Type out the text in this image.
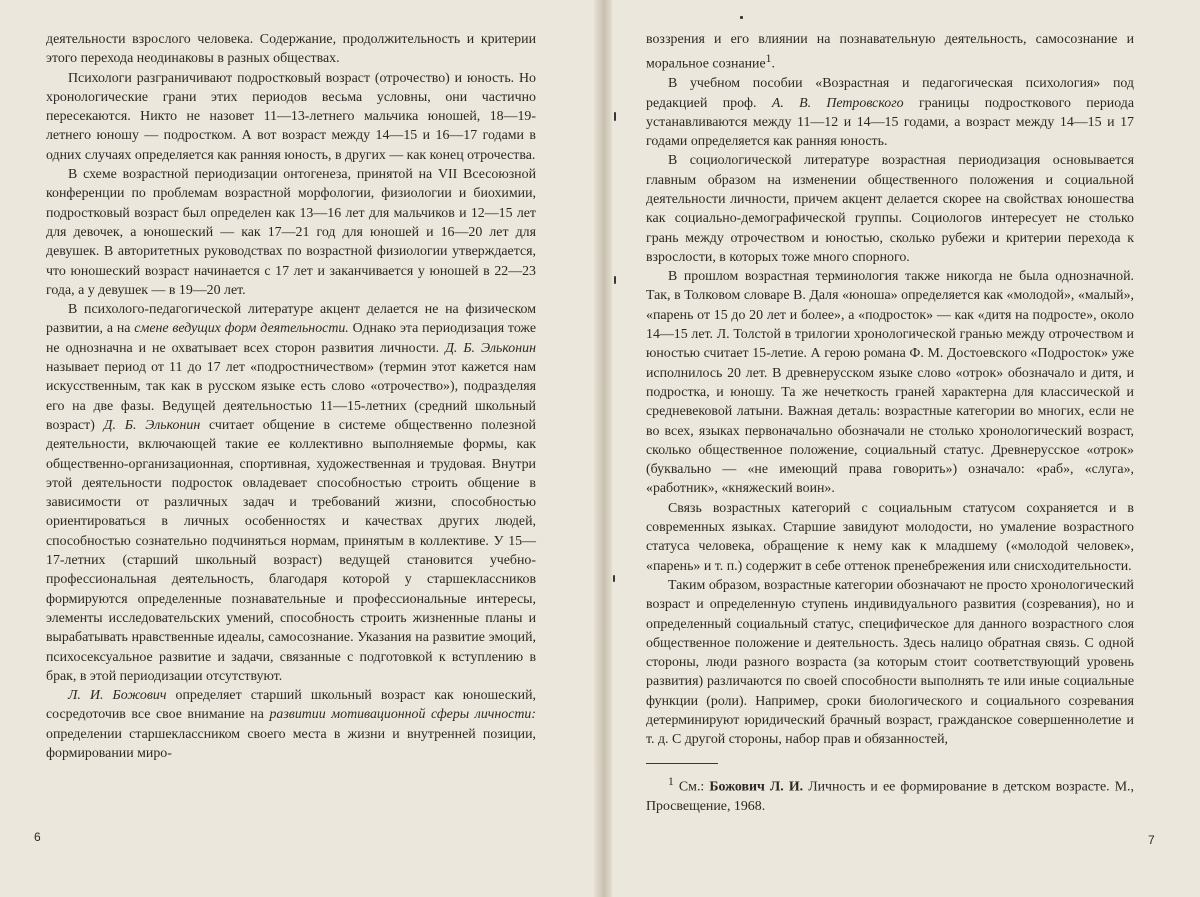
деятельности взрослого человека. Содержание, продолжительность и критерии этого перехода неодинаковы в разных обществах.

Психологи разграничивают подростковый возраст (отрочество) и юность. Но хронологические грани этих периодов весьма условны, они частично пересекаются. Никто не назовет 11—13-летнего мальчика юношей, 18—19-летнего юношу — подростком. А вот возраст между 14—15 и 16—17 годами в одних случаях определяется как ранняя юность, в других — как конец отрочества.

В схеме возрастной периодизации онтогенеза, принятой на VII Всесоюзной конференции по проблемам возрастной морфологии, физиологии и биохимии, подростковый возраст был определен как 13—16 лет для мальчиков и 12—15 лет для девочек, а юношеский — как 17—21 год для юношей и 16—20 лет для девушек. В авторитетных руководствах по возрастной физиологии утверждается, что юношеский возраст начинается с 17 лет и заканчивается у юношей в 22—23 года, а у девушек — в 19—20 лет.

В психолого-педагогической литературе акцент делается не на физическом развитии, а на смене ведущих форм деятельности. Однако эта периодизация тоже не однозначна и не охватывает всех сторон развития личности. Д. Б. Эльконин называет период от 11 до 17 лет «подростничеством» (термин этот кажется нам искусственным, так как в русском языке есть слово «отрочество»), подразделяя его на две фазы. Ведущей деятельностью 11—15-летних (средний школьный возраст) Д. Б. Эльконин считает общение в системе общественно полезной деятельности, включающей такие ее коллективно выполняемые формы, как общественно-организационная, спортивная, художественная и трудовая. Внутри этой деятельности подросток овладевает способностью строить общение в зависимости от различных задач и требований жизни, способностью ориентироваться в личных особенностях и качествах других людей, способностью сознательно подчиняться нормам, принятым в коллективе. У 15—17-летних (старший школьный возраст) ведущей становится учебно-профессиональная деятельность, благодаря которой у старшеклассников формируются определенные познавательные и профессиональные интересы, элементы исследовательских умений, способность строить жизненные планы и вырабатывать нравственные идеалы, самосознание. Указания на развитие эмоций, психосексуальное развитие и задачи, связанные с подготовкой к вступлению в брак, в этой периодизации отсутствуют.

Л. И. Божович определяет старший школьный возраст как юношеский, сосредоточив все свое внимание на развитии мотивационной сферы личности: определении старшеклассником своего места в жизни и внутренней позиции, формировании миро-

6

воззрения и его влиянии на познавательную деятельность, самосознание и моральное сознание$^1$.

В учебном пособии «Возрастная и педагогическая психология» под редакцией проф. А. В. Петровского границы подросткового периода устанавливаются между 11—12 и 14—15 годами, а возраст между 14—15 и 17 годами определяется как ранняя юность.

В социологической литературе возрастная периодизация основывается главным образом на изменении общественного положения и социальной деятельности личности, причем акцент делается скорее на свойствах юношества как социально-демографической группы. Социологов интересует не столько грань между отрочеством и юностью, сколько рубежи и критерии перехода к взрослости, в которых тоже много спорного.

В прошлом возрастная терминология также никогда не была однозначной. Так, в Толковом словаре В. Даля «юноша» определяется как «молодой», «малый», «парень от 15 до 20 лет и более», а «подросток» — как «дитя на подросте», около 14—15 лет. Л. Толстой в трилогии хронологической гранью между отрочеством и юностью считает 15-летие. А герою романа Ф. М. Достоевского «Подросток» уже исполнилось 20 лет. В древнерусском языке слово «отрок» обозначало и дитя, и подростка, и юношу. Та же нечеткость граней характерна для классической и средневековой латыни. Важная деталь: возрастные категории во многих, если не во всех, языках первоначально обозначали не столько хронологический возраст, сколько общественное положение, социальный статус. Древнерусское «отрок» (буквально — «не имеющий права говорить») означало: «раб», «слуга», «работник», «княжеский воин».

Связь возрастных категорий с социальным статусом сохраняется и в современных языках. Старшие завидуют молодости, но умаление возрастного статуса человека, обращение к нему как к младшему («молодой человек», «парень» и т. п.) содержит в себе оттенок пренебрежения или снисходительности.

Таким образом, возрастные категории обозначают не просто хронологический возраст и определенную ступень индивидуального развития (созревания), но и определенный социальный статус, специфическое для данного возрастного слоя общественное положение и деятельность. Здесь налицо обратная связь. С одной стороны, люди разного возраста (за которым стоит соответствующий уровень развития) различаются по своей способности выполнять те или иные социальные функции (роли). Например, сроки биологического и социального созревания детерминируют юридический брачный возраст, гражданское совершеннолетие и т. д. С другой стороны, набор прав и обязанностей,

$^1$ См.: Божович Л. И. Личность и ее формирование в детском возрасте. М., Просвещение, 1968.

7
